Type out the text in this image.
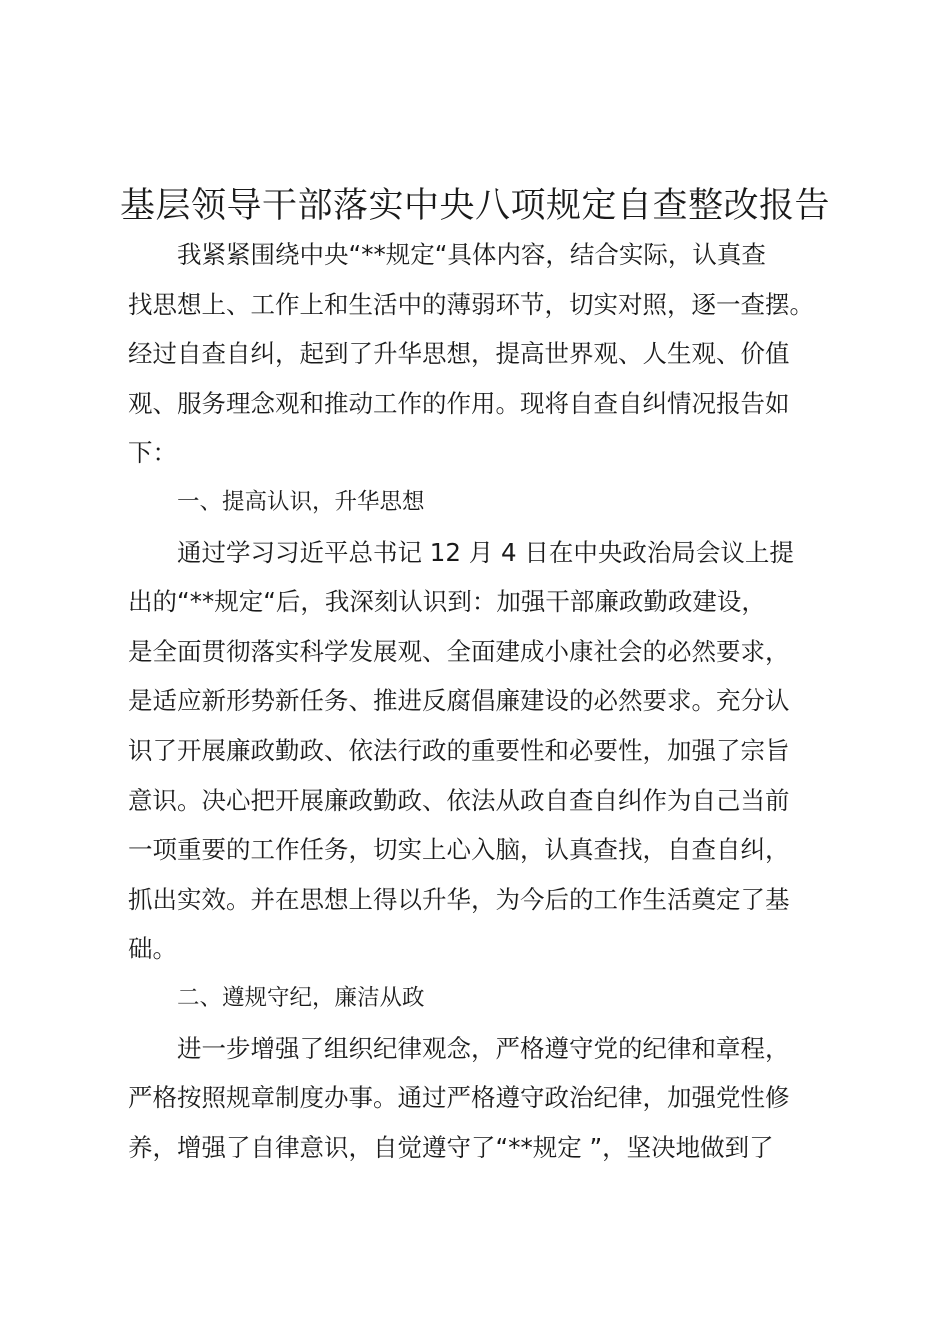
基层领导干部落实中央八项规定自查整改报告
我紧紧围绕中央“**规定“具体内容，结合实际，认真查
找思想上、工作上和生活中的薄弱环节，切实对照，逐一查摆。
经过自查自纠，起到了升华思想，提高世界观、人生观、价值
观、服务理念观和推动工作的作用。现将自查自纠情况报告如
下：
一、提高认识，升华思想
通过学习习近平总书记 12 月 4 日在中央政治局会议上提
出的“**规定“后，我深刻认识到：加强干部廉政勤政建设，
是全面贯彻落实科学发展观、全面建成小康社会的必然要求，
是适应新形势新任务、推进反腐倡廉建设的必然要求。充分认
识了开展廉政勤政、依法行政的重要性和必要性，加强了宗旨
意识。决心把开展廉政勤政、依法从政自查自纠作为自己当前
一项重要的工作任务，切实上心入脑，认真查找，自查自纠，
抓出实效。并在思想上得以升华，为今后的工作生活奠定了基
础。
二、遵规守纪，廉洁从政
进一步增强了组织纪律观念，严格遵守党的纪律和章程，
严格按照规章制度办事。通过严格遵守政治纪律，加强党性修
养，增强了自律意识，自觉遵守了“**规定 ”，坚决地做到了
